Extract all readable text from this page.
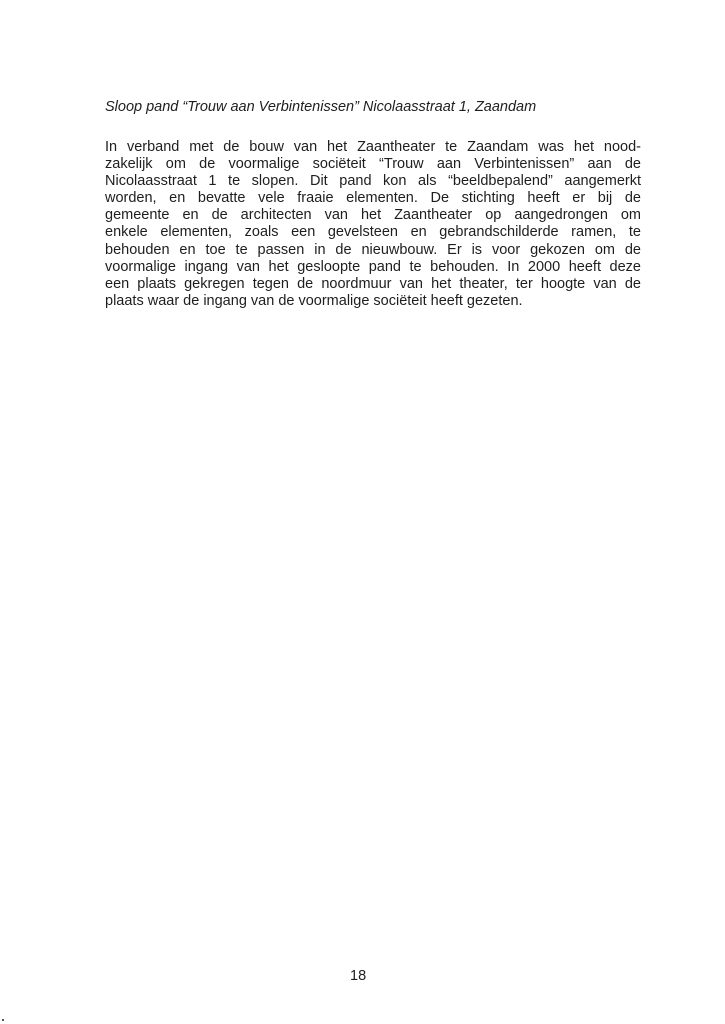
Sloop pand “Trouw aan Verbintenissen” Nicolaasstraat 1, Zaandam
In verband met de bouw van het Zaantheater te Zaandam was het nood-
zakelijk om de voormalige sociëteit “Trouw aan Verbintenissen” aan de
Nicolaasstraat 1 te slopen. Dit pand kon als “beeldbepalend” aangemerkt
worden, en bevatte vele fraaie elementen. De stichting heeft er bij de
gemeente en de architecten van het Zaantheater op aangedrongen om
enkele elementen, zoals een gevelsteen en gebrandschilderde ramen, te
behouden en toe te passen in de nieuwbouw. Er is voor gekozen om de
voormalige ingang van het gesloopte pand te behouden. In 2000 heeft deze
een plaats gekregen tegen de noordmuur van het theater, ter hoogte van de
plaats waar de ingang van de voormalige sociëteit heeft gezeten.
18
